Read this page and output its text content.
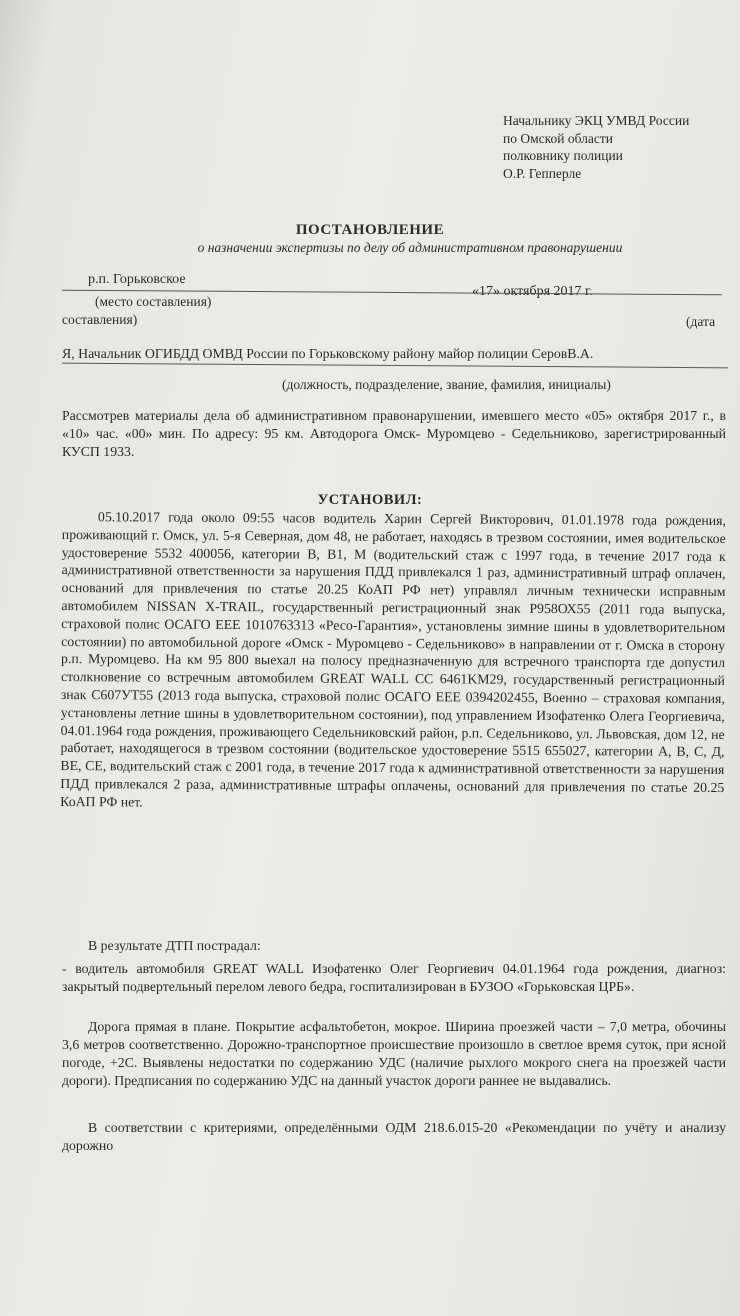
Начальнику ЭКЦ УМВД России
по Омской области
полковнику полиции
О.Р. Гепперле
ПОСТАНОВЛЕНИЕ
о назначении экспертизы по делу об административном правонарушении
р.п. Горьковское
«17» октября 2017 г.
(место составления)
составления)	(дата
Я, Начальник ОГИБДД ОМВД России по Горьковскому району майор полиции СеровВ.А.
(должность, подразделение, звание, фамилия, инициалы)
Рассмотрев материалы дела об административном правонарушении, имевшего место «05» октября 2017 г., в «10» час. «00» мин. По адресу: 95 км. Автодорога Омск- Муромцево - Седельниково, зарегистрированный КУСП 1933.
УСТАНОВИЛ:
05.10.2017 года около 09:55 часов водитель Харин Сергей Викторович, 01.01.1978 года рождения, проживающий г. Омск, ул. 5-я Северная, дом 48, не работает, находясь в трезвом состоянии, имея водительское удостоверение 5532 400056, категории В, В1, М (водительский стаж с 1997 года, в течение 2017 года к административной ответственности за нарушения ПДД привлекался 1 раз, административный штраф оплачен, оснований для привлечения по статье 20.25 КоАП РФ нет) управлял личным технически исправным автомобилем NISSAN X-TRAIL, государственный регистрационный знак Р958ОХ55 (2011 года выпуска, страховой полис ОСАГО ЕЕЕ 1010763313 «Ресо-Гарантия», установлены зимние шины в удовлетворительном состоянии) по автомобильной дороге «Омск - Муромцево - Седельниково» в направлении от г. Омска в сторону р.п. Муромцево. На км 95 800 выехал на полосу предназначенную для встречного транспорта где допустил столкновение со встречным автомобилем GREAT WALL CC 6461KM29, государственный регистрационный знак С607УТ55 (2013 года выпуска, страховой полис ОСАГО ЕЕЕ 0394202455, Военно – страховая компания, установлены летние шины в удовлетворительном состоянии), под управлением Изофатенко Олега Георгиевича, 04.01.1964 года рождения, проживающего Седельниковский район, р.п. Седельниково, ул. Львовская, дом 12, не работает, находящегося в трезвом состоянии (водительское удостоверение 5515 655027, категории А, В, С, Д, ВЕ, СЕ, водительский стаж с 2001 года, в течение 2017 года к административной ответственности за нарушения ПДД привлекался 2 раза, административные штрафы оплачены, оснований для привлечения по статье 20.25 КоАП РФ нет.
В результате ДТП пострадал:
- водитель автомобиля GREAT WALL Изофатенко Олег Георгиевич 04.01.1964 года рождения, диагноз: закрытый подвертельный перелом левого бедра, госпитализирован в БУЗОО «Горьковская ЦРБ».
Дорога прямая в плане. Покрытие асфальтобетон, мокрое. Ширина проезжей части – 7,0 метра, обочины 3,6 метров соответственно. Дорожно-транспортное происшествие произошло в светлое время суток, при ясной погоде, +2С. Выявлены недостатки по содержанию УДС (наличие рыхлого мокрого снега на проезжей части дороги). Предписания по содержанию УДС на данный участок дороги раннее не выдавались.
В соответствии с критериями, определёнными ОДМ 218.6.015-20 «Рекомендации по учёту и анализу дорожно
